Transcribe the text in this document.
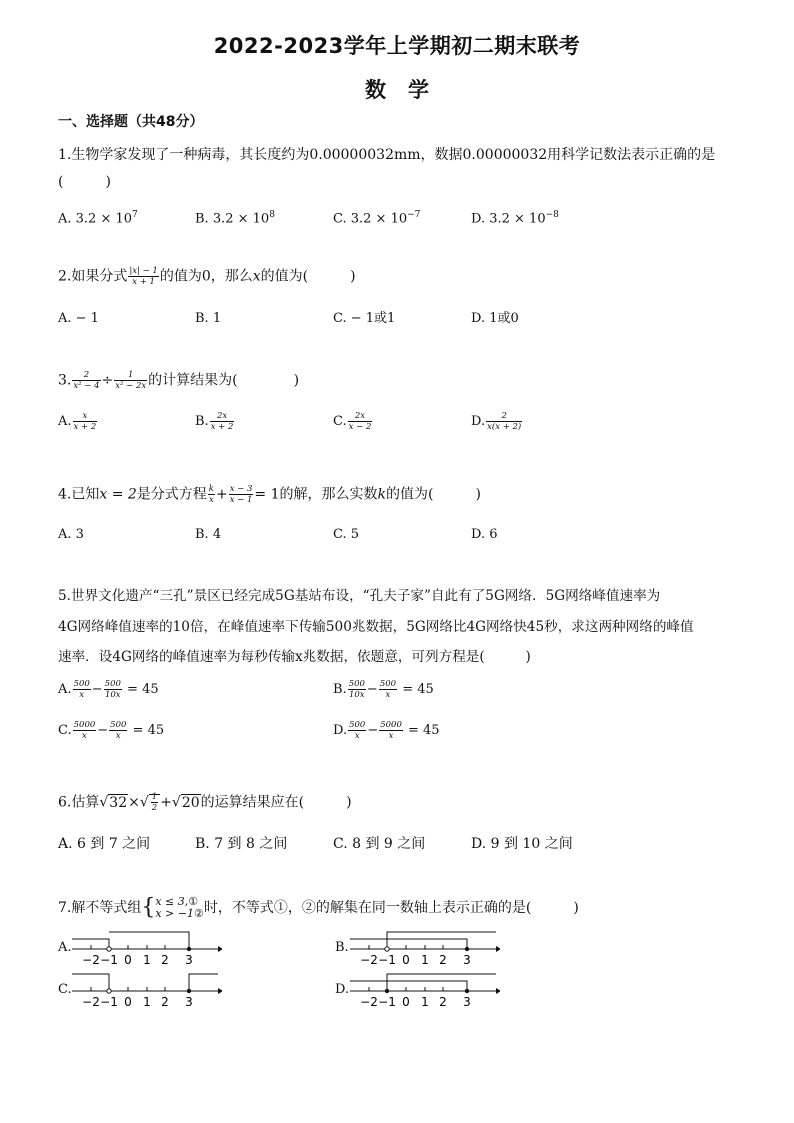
2022-2023学年上学期初二期末联考
数学
一、选择题（共48分）
1.生物学家发现了一种病毒，其长度约为0.00000032mm，数据0.00000032用科学记数法表示正确的是
(　　　)
A. $3.2 \times 10^7$	B. $3.2 \times 10^8$	C. $3.2 \times 10^{-7}$	D. $3.2 \times 10^{-8}$
2.如果分式 $\frac{|x| - 1}{x + 1}$ 的值为0，那么x的值为(　　　)
A. − 1	B. 1	C. − 1或1	D. 1或0
3. $\frac{2}{\text{x² − 4}} \div \frac{1}{\text{x² − 2x}}$ 的计算结果为(　　　　)
A. $\frac{x}{x + 2}$	B. $\frac{2x}{x + 2}$	C. $\frac{2x}{x - 2}$	D. $\frac{2}{x(x + 2)}$
4.已知x = 2是分式方程 $\frac{k}{x} + \frac{x - 3}{x - 1} = 1$的解，那么实数k的值为(　　　)
A. 3	B. 4	C. 5	D. 6
5.世界文化遗产“三孔”景区已经完成5G基站布设，“孔夫子家”自此有了5G网络．5G网络峰值速率为
4G网络峰值速率的10倍，在峰值速率下传输500兆数据，5G网络比4G网络快45秒，求这两种网络的峰值
速率．设4G网络的峰值速率为每秒传输x兆数据，依题意，可列方程是(　　　)
A. $\frac{500}{x} - \frac{500}{10x} = 45$	B. $\frac{500}{10x} - \frac{500}{x} = 45$
C. $\frac{5000}{x} - \frac{500}{x} = 45$	D. $\frac{500}{x} - \frac{5000}{x} = 45$
6.估算$√32\times√ \frac{1}{2} +√20$的运算结果应在(　　　)
A. 6 到 7 之间	B. 7 到 8 之间	C. 8 到 9 之间	D. 9 到 10 之间
7.解不等式组{x ≤ 3,①
x > −1②时，不等式①，②的解集在同一数轴上表示正确的是(　　　)
A.
−2 −1 0 1 2 3
B.
−2 −1 0 1 2 3
C.
−2 −1 0 1 2 3
D.
−2 −1 0 1 2 3
